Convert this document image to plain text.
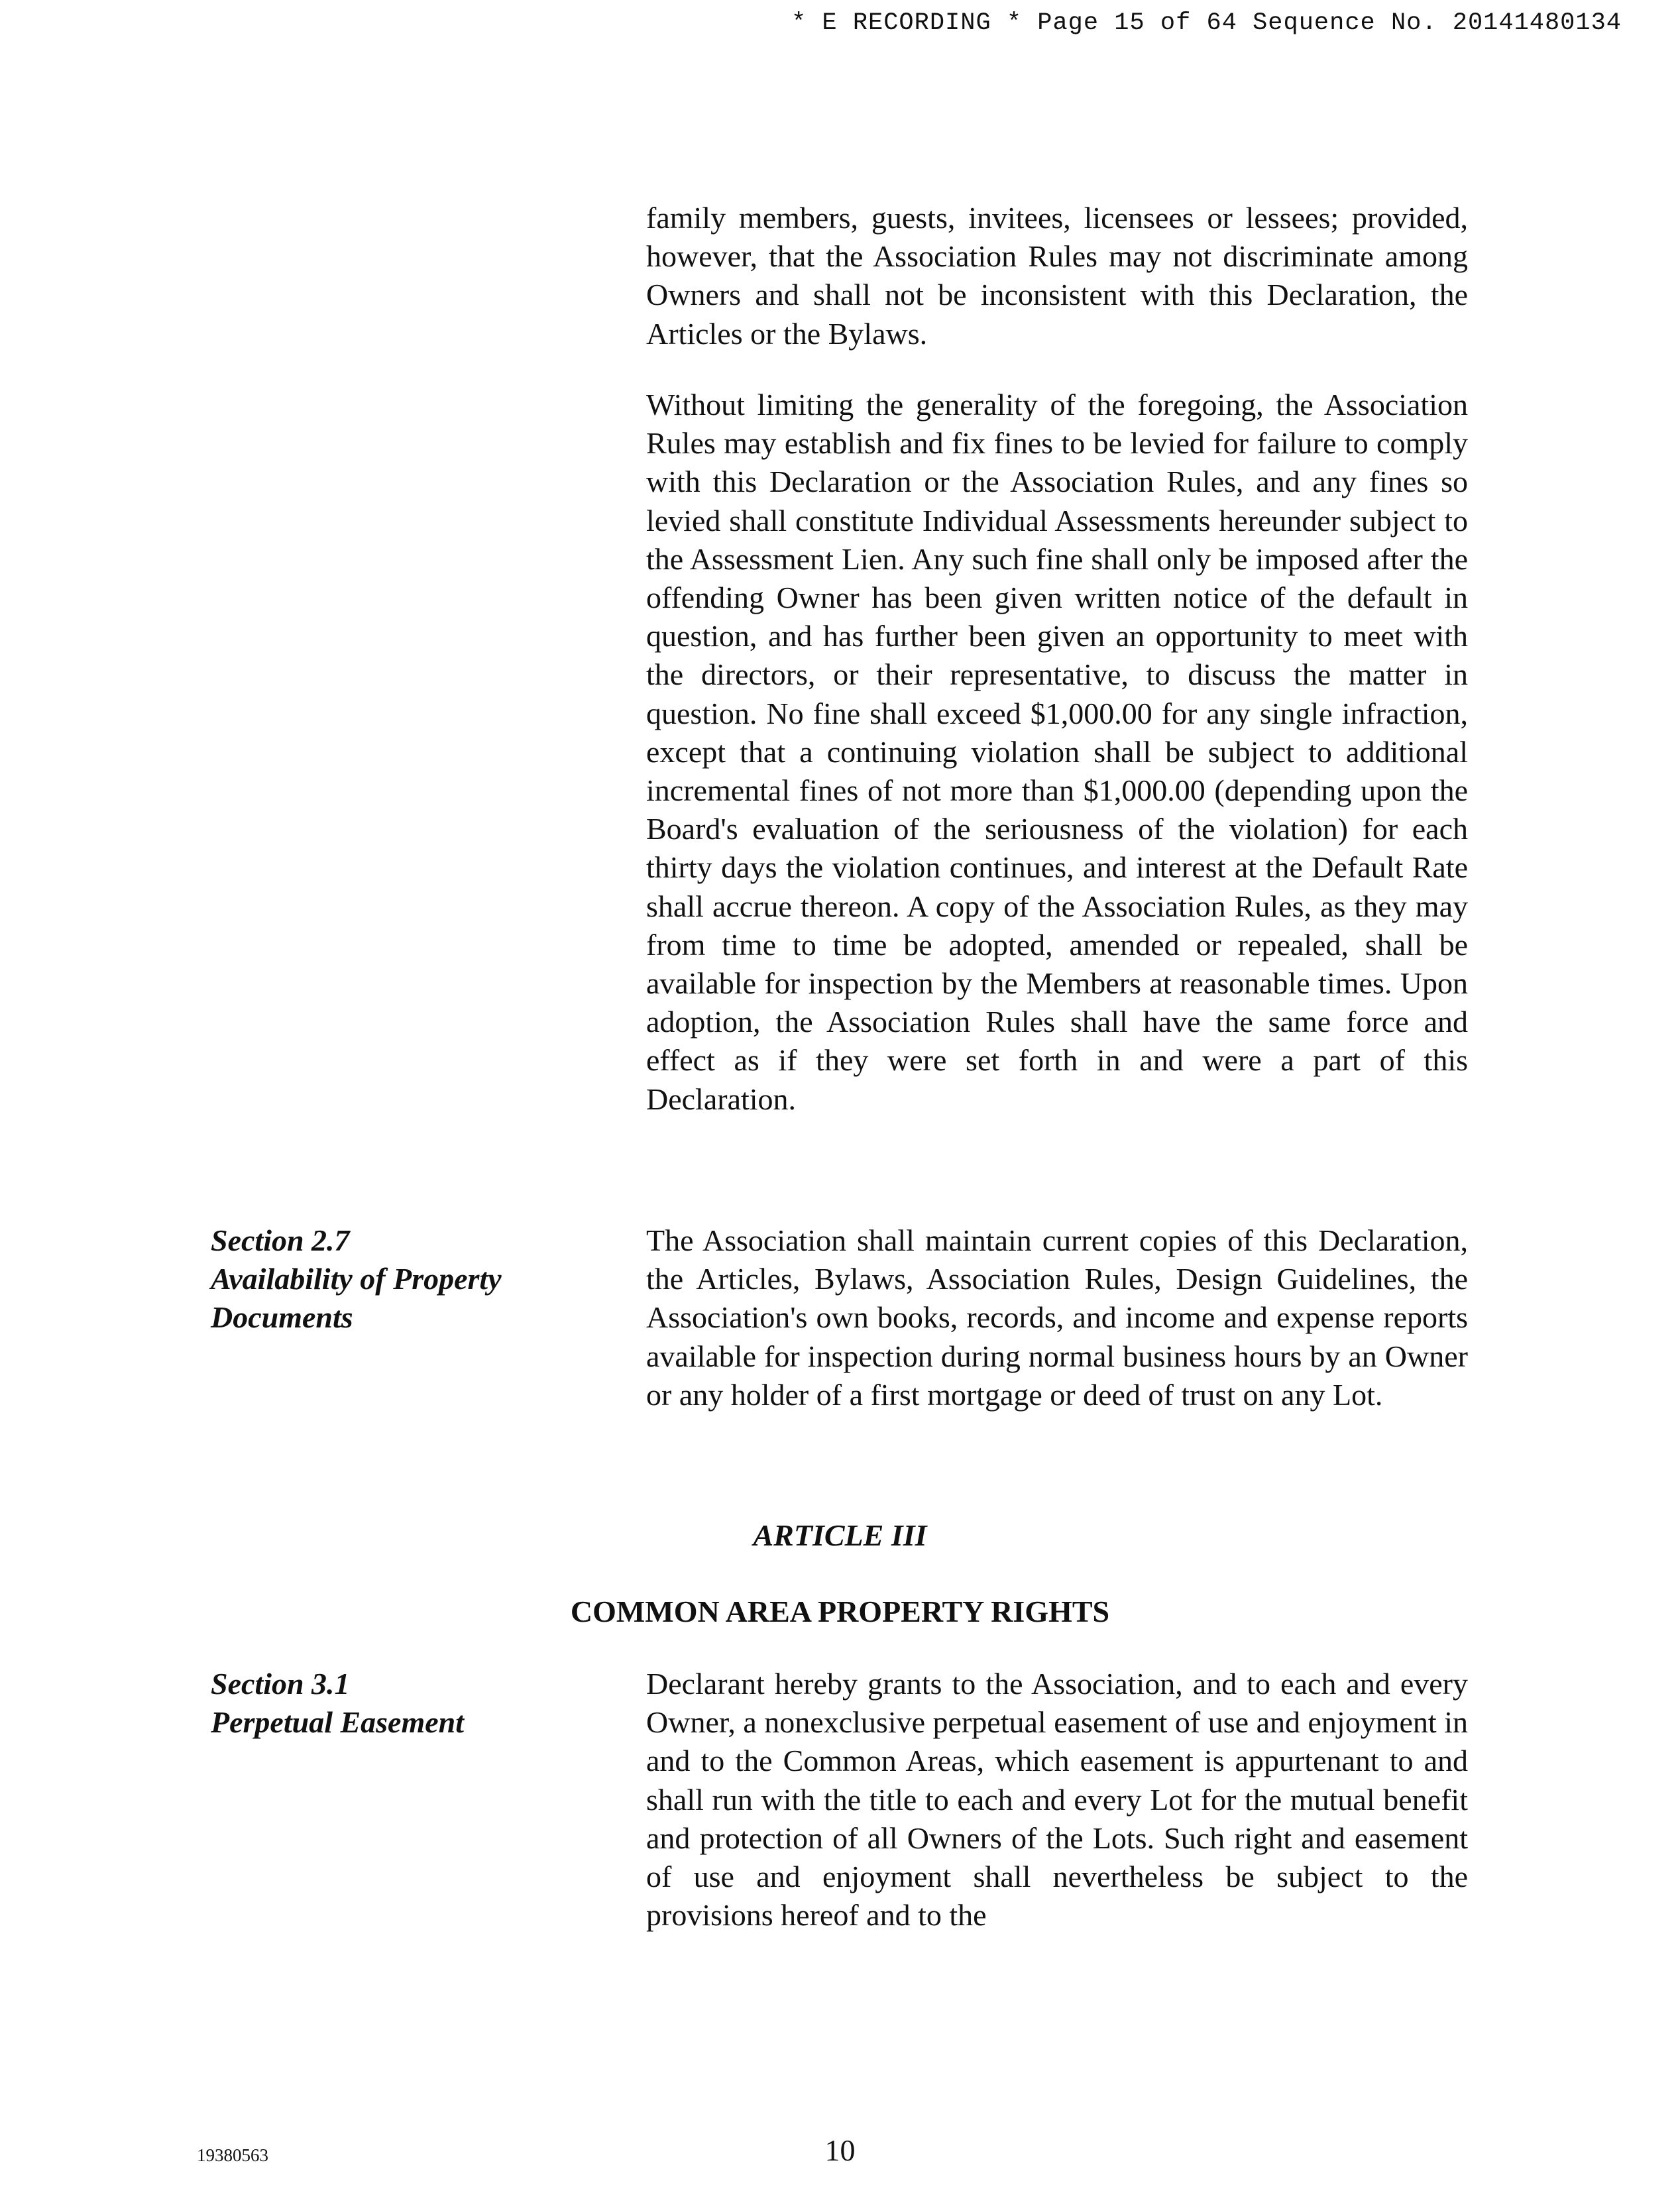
* E RECORDING * Page 15 of 64 Sequence No. 20141480134

family members, guests, invitees, licensees or lessees; provided, however, that the Association Rules may not discriminate among Owners and shall not be inconsistent with this Declaration, the Articles or the Bylaws.

Without limiting the generality of the foregoing, the Association Rules may establish and fix fines to be levied for failure to comply with this Declaration or the Association Rules, and any fines so levied shall constitute Individual Assessments hereunder subject to the Assessment Lien. Any such fine shall only be imposed after the offending Owner has been given written notice of the default in question, and has further been given an opportunity to meet with the directors, or their representative, to discuss the matter in question. No fine shall exceed $1,000.00 for any single infraction, except that a continuing violation shall be subject to additional incremental fines of not more than $1,000.00 (depending upon the Board's evaluation of the seriousness of the violation) for each thirty days the violation continues, and interest at the Default Rate shall accrue thereon. A copy of the Association Rules, as they may from time to time be adopted, amended or repealed, shall be available for inspection by the Members at reasonable times. Upon adoption, the Association Rules shall have the same force and effect as if they were set forth in and were a part of this Declaration.

Section 2.7
Availability of Property
Documents

The Association shall maintain current copies of this Declaration, the Articles, Bylaws, Association Rules, Design Guidelines, the Association's own books, records, and income and expense reports available for inspection during normal business hours by an Owner or any holder of a first mortgage or deed of trust on any Lot.

ARTICLE III
COMMON AREA PROPERTY RIGHTS
Section 3.1
Perpetual Easement

Declarant hereby grants to the Association, and to each and every Owner, a nonexclusive perpetual easement of use and enjoyment in and to the Common Areas, which easement is appurtenant to and shall run with the title to each and every Lot for the mutual benefit and protection of all Owners of the Lots. Such right and easement of use and enjoyment shall nevertheless be subject to the provisions hereof and to the

19380563	10
